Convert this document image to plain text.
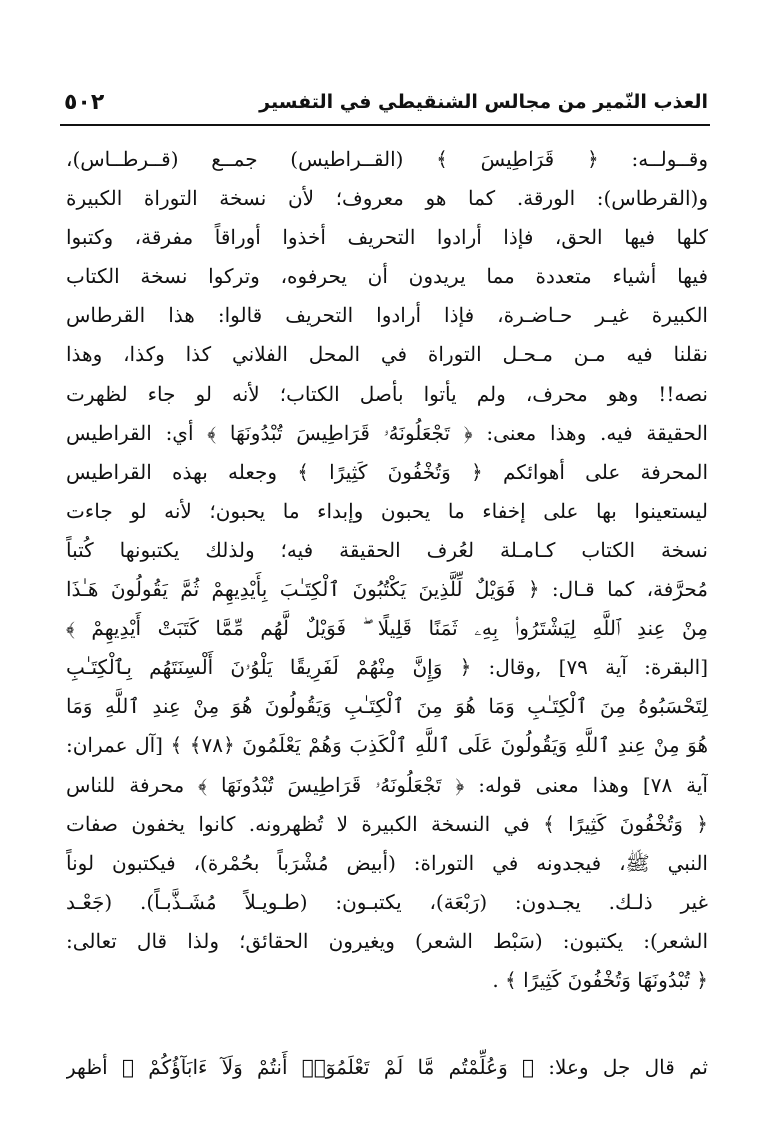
العذب النّمير من مجالس الشنقيطي في التفسير
٥٠٢
وقــولــه: ﴿ قَرَاطِيسَ ﴾ (القــراطيس) جمــع (قــرطــاس)،
و(القرطاس): الورقة. كما هو معروف؛ لأن نسخة التوراة الكبيرة
كلها فيها الحق، فإذا أرادوا التحريف أخذوا أوراقاً مفرقة، وكتبوا
فيها أشياء متعددة مما يريدون أن يحرفوه، وتركوا نسخة الكتاب
الكبيرة غيـر حـاضـرة، فإذا أرادوا التحريف قالوا: هذا القرطاس
نقلنا فيه مـن مـحـل التوراة في المحل الفلاني كذا وكذا، وهذا
نصه!! وهو محرف، ولم يأتوا بأصل الكتاب؛ لأنه لو جاء لظهرت
الحقيقة فيه. وهذا معنى: ﴿ تَجْعَلُونَهُۥ قَرَاطِيسَ تُبْدُونَهَا ﴾ أي: القراطيس
المحرفة على أهوائكم ﴿ وَتُخْفُونَ كَثِيرًا ﴾ وجعله بهذه القراطيس
ليستعينوا بها على إخفاء ما يحبون وإبداء ما يحبون؛ لأنه لو جاءت
نسخة الكتاب كـامـلة لعُرف الحقيقة فيه؛ ولذلك يكتبونها كُتباً
مُحرَّفة، كما قـال: ﴿ فَوَيْلٌ لِّلَّذِينَ يَكْتُبُونَ ٱلْكِتَـٰبَ بِأَيْدِيهِمْ ثُمَّ يَقُولُونَ هَـٰذَا
مِنْ عِندِ ٱللَّهِ لِيَشْتَرُوا۟ بِهِۦ ثَمَنًا قَلِيلًا ۖ فَوَيْلٌ لَّهُم مِّمَّا كَتَبَتْ أَيْدِيهِمْ ﴾
[البقرة: آية ٧٩] ,وقال: ﴿ وَإِنَّ مِنْهُمْ لَفَرِيقًا يَلْوُۥنَ أَلْسِنَتَهُم بِٱلْكِتَـٰبِ
لِتَحْسَبُوهُ مِنَ ٱلْكِتَـٰبِ وَمَا هُوَ مِنَ ٱلْكِتَـٰبِ وَيَقُولُونَ هُوَ مِنْ عِندِ ٱللَّهِ وَمَا
هُوَ مِنْ عِندِ ٱللَّهِ وَيَقُولُونَ عَلَى ٱللَّهِ ٱلْكَذِبَ وَهُمْ يَعْلَمُونَ ﴿٧٨﴾ ﴾ [آل عمران:
آية ٧٨] وهذا معنى قوله: ﴿ تَجْعَلُونَهُۥ قَرَاطِيسَ تُبْدُونَهَا ﴾ محرفة للناس
﴿ وَتُخْفُونَ كَثِيرًا ﴾ في النسخة الكبيرة لا تُظهرونه. كانوا يخفون صفات
النبي ﷺ، فيجدونه في التوراة: (أبيض مُشْرَباً بحُمْرة)، فيكتبون لوناً
غير ذلـك. يجـدون: (رَبْعَة)، يكتبـون: (طـويـلاً مُشَـذَّبـاً). (جَعْـد
الشعر): يكتبون: (سَبْط الشعر) ويغيرون الحقائق؛ ولذا قال تعالى:
﴿ تُبْدُونَهَا وَتُخْفُونَ كَثِيرًا ﴾ .
ثم قال جل وعلا: ﴿ وَعُلِّمْتُم مَّا لَمْ تَعْلَمُوٓا۟ أَنتُمْ وَلَآ ءَابَآؤُكُمْ ﴾ أظهر
